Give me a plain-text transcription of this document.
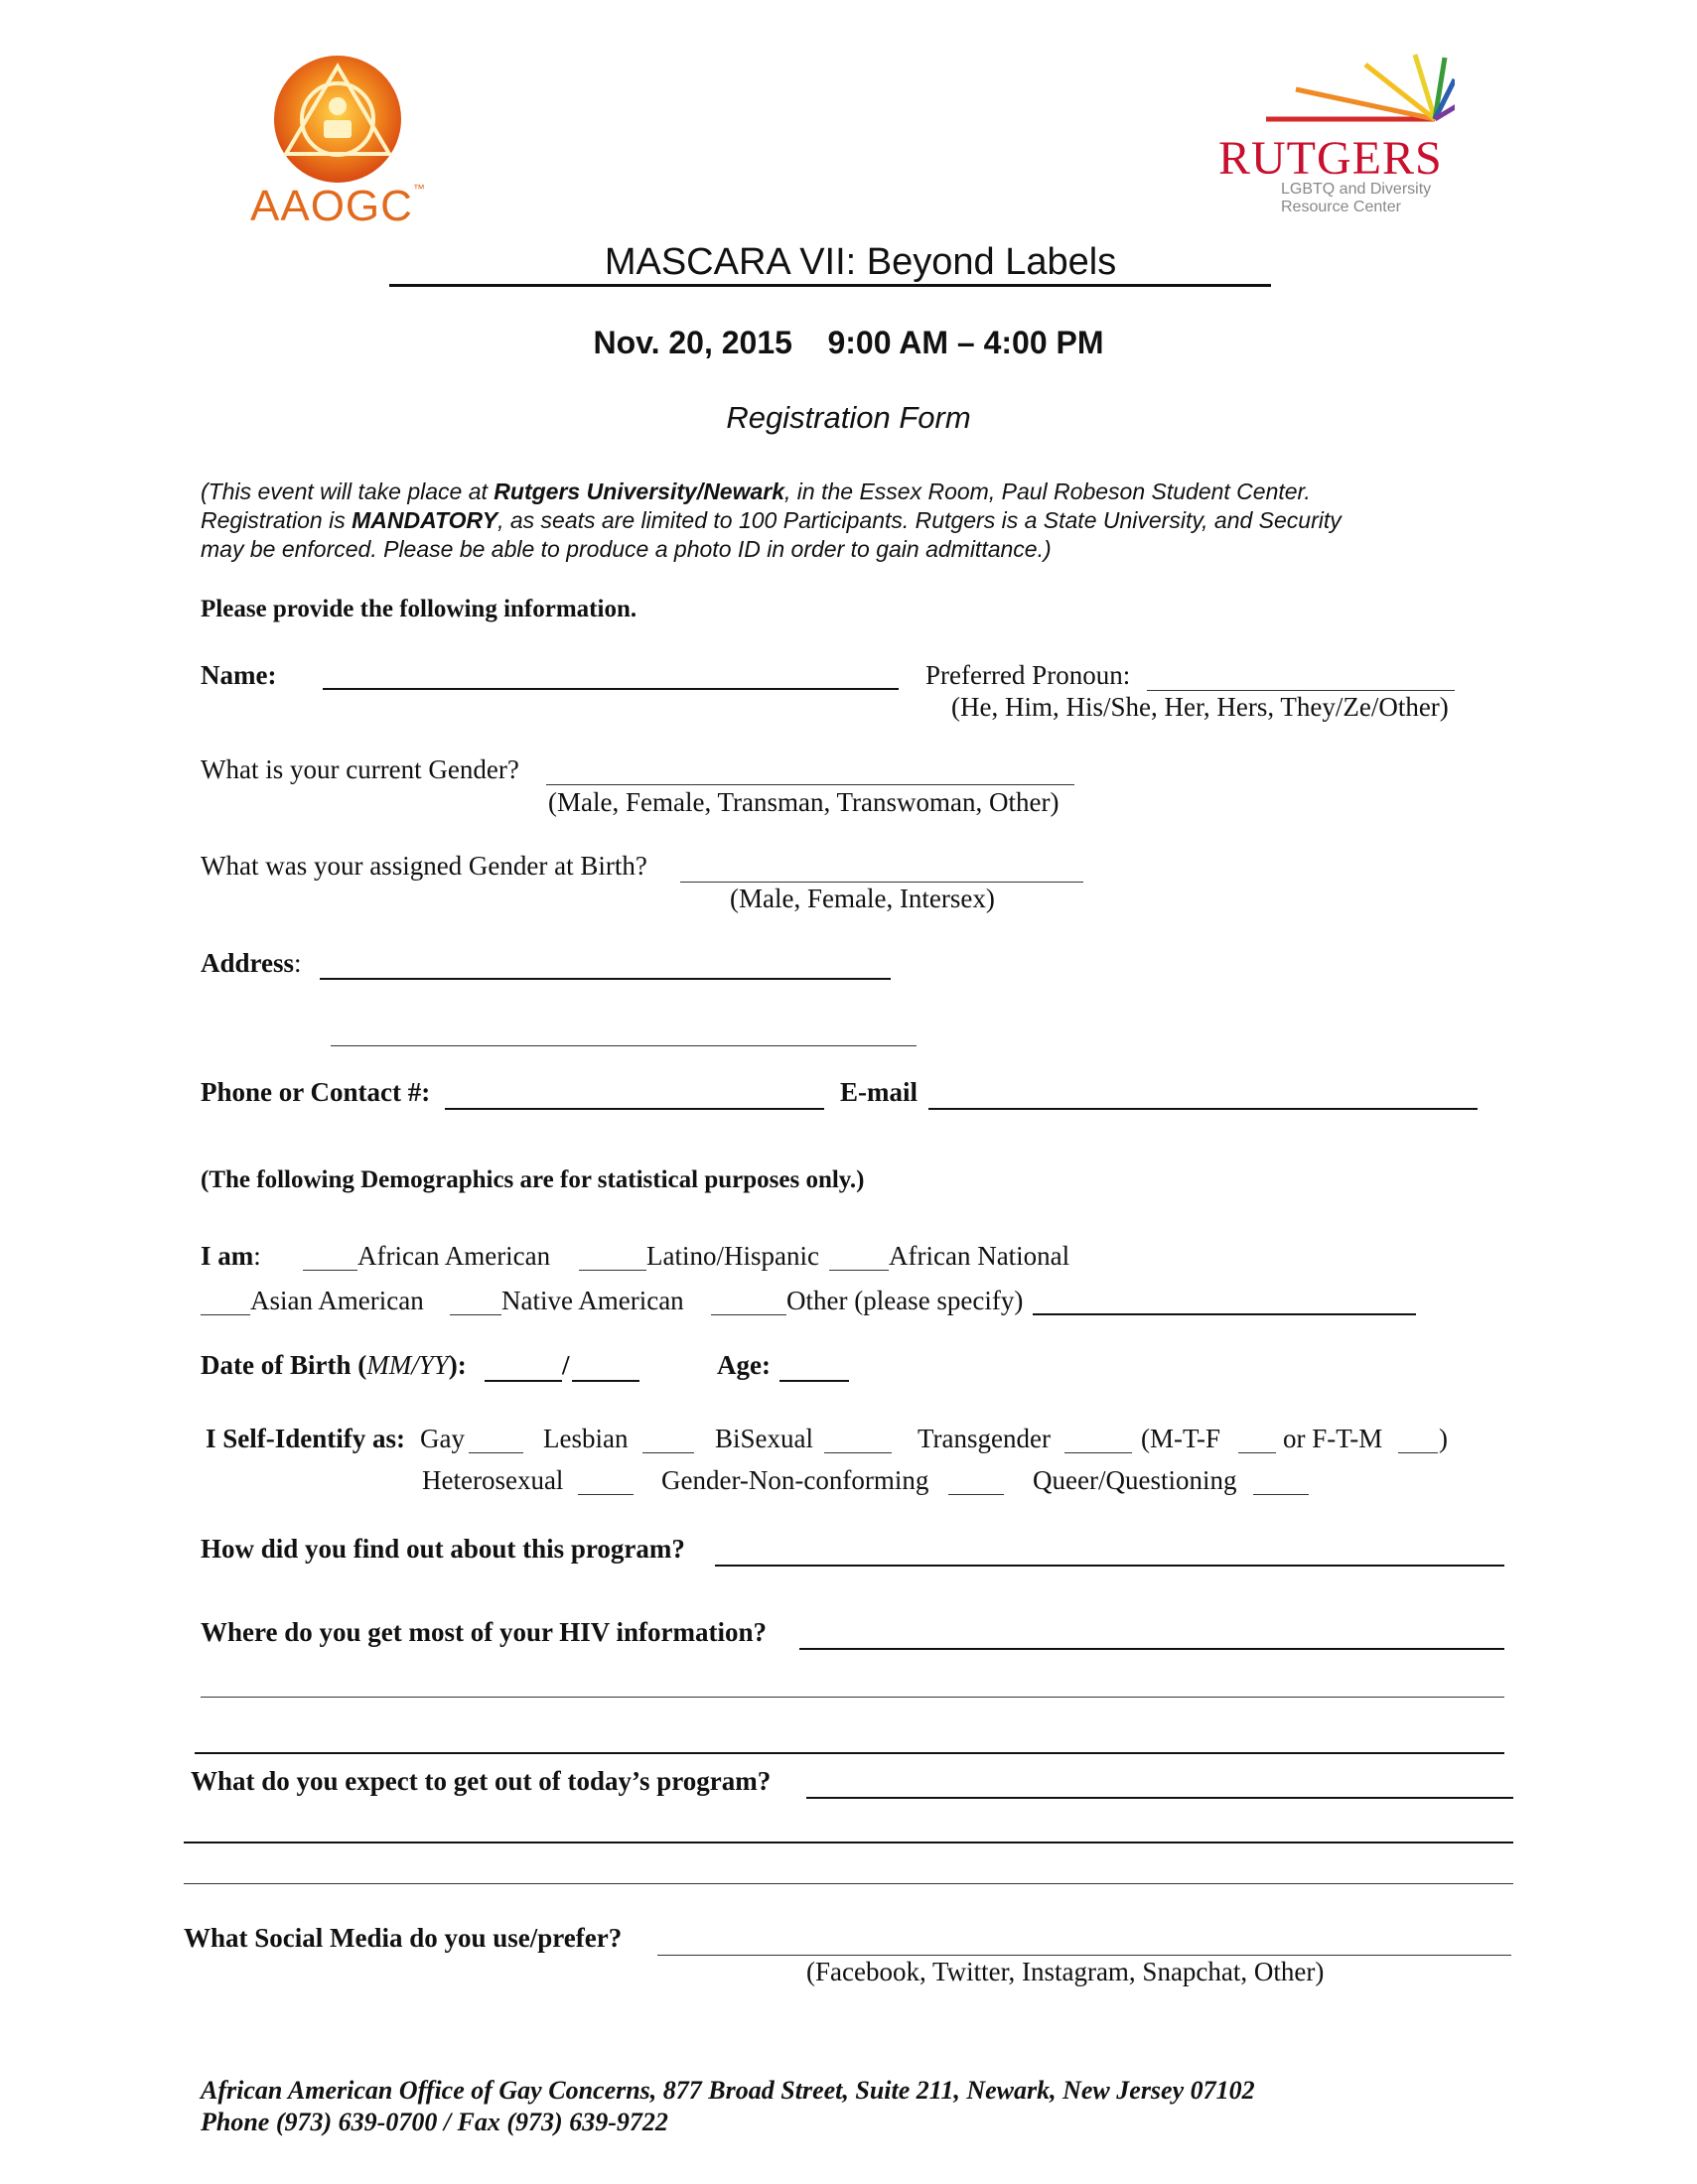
AAOGC™
RUTGERS
LGBTQ and Diversity
Resource Center
MASCARA VII: Beyond Labels
Nov. 20, 2015    9:00 AM – 4:00 PM
Registration Form
(This event will take place at Rutgers University/Newark, in the Essex Room, Paul Robeson Student Center.
Registration is MANDATORY, as seats are limited to 100 Participants. Rutgers is a State University, and Security
may be enforced. Please be able to produce a photo ID in order to gain admittance.)
Please provide the following information.
Name:	Preferred Pronoun:
(He, Him, His/She, Her, Hers, They/Ze/Other)
What is your current Gender?
(Male, Female, Transman, Transwoman, Other)
What was your assigned Gender at Birth?
(Male, Female, Intersex)
Address:
Phone or Contact #:	E-mail
(The following Demographics are for statistical purposes only.)
I am:	African American	Latino/Hispanic	African National
Asian American	Native American	Other (please specify)
Date of Birth (MM/YY):	/	Age:
I Self-Identify as: Gay	Lesbian	BiSexual	Transgender	(M-T-F or F-T-M )
Heterosexual	Gender-Non-conforming	Queer/Questioning
How did you find out about this program?
Where do you get most of your HIV information?
What do you expect to get out of today’s program?
What Social Media do you use/prefer?
(Facebook, Twitter, Instagram, Snapchat, Other)
African American Office of Gay Concerns, 877 Broad Street, Suite 211, Newark, New Jersey 07102
Phone (973) 639-0700 / Fax (973) 639-9722
